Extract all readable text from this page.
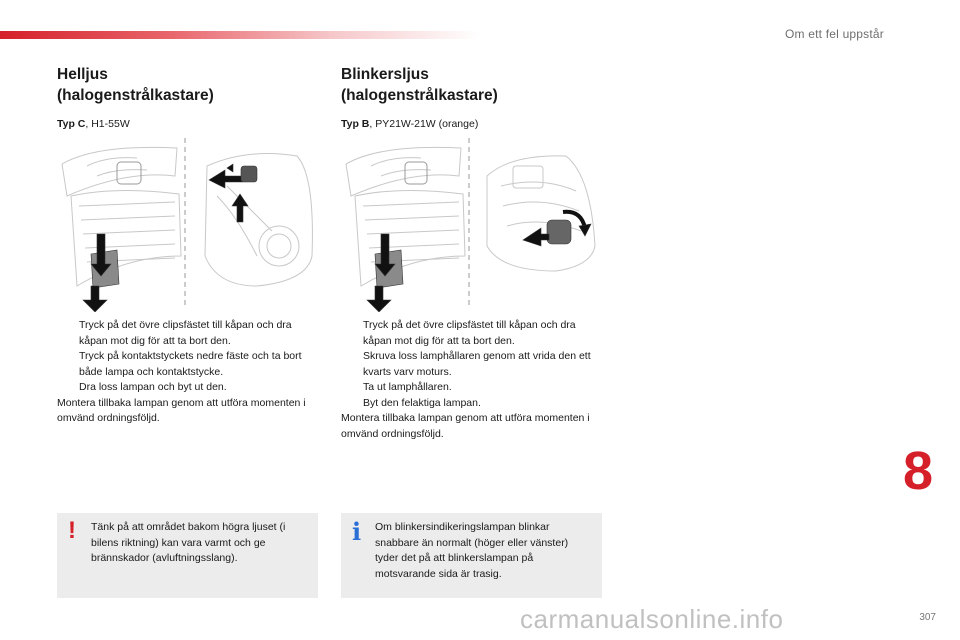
Om ett fel uppstår
Helljus
(halogenstrålkastare)
Typ C, H1-55W
Tryck på det övre clipsfästet till kåpan och dra kåpan mot dig för att ta bort den.
Tryck på kontaktstyckets nedre fäste och ta bort både lampa och kontaktstycke.
Dra loss lampan och byt ut den.
Montera tillbaka lampan genom att utföra momenten i omvänd ordningsföljd.
! Tänk på att området bakom högra ljuset (i bilens riktning) kan vara varmt och ge brännskador (avluftningsslang).
Blinkersljus
(halogenstrålkastare)
Typ B, PY21W-21W (orange)
Tryck på det övre clipsfästet till kåpan och dra kåpan mot dig för att ta bort den.
Skruva loss lamphållaren genom att vrida den ett kvarts varv moturs.
Ta ut lamphållaren.
Byt den felaktiga lampan.
Montera tillbaka lampan genom att utföra momenten i omvänd ordningsföljd.
i Om blinkersindikeringslampan blinkar snabbare än normalt (höger eller vänster) tyder det på att blinkerslampan på motsvarande sida är trasig.
8
carmanualsonline.info	307
